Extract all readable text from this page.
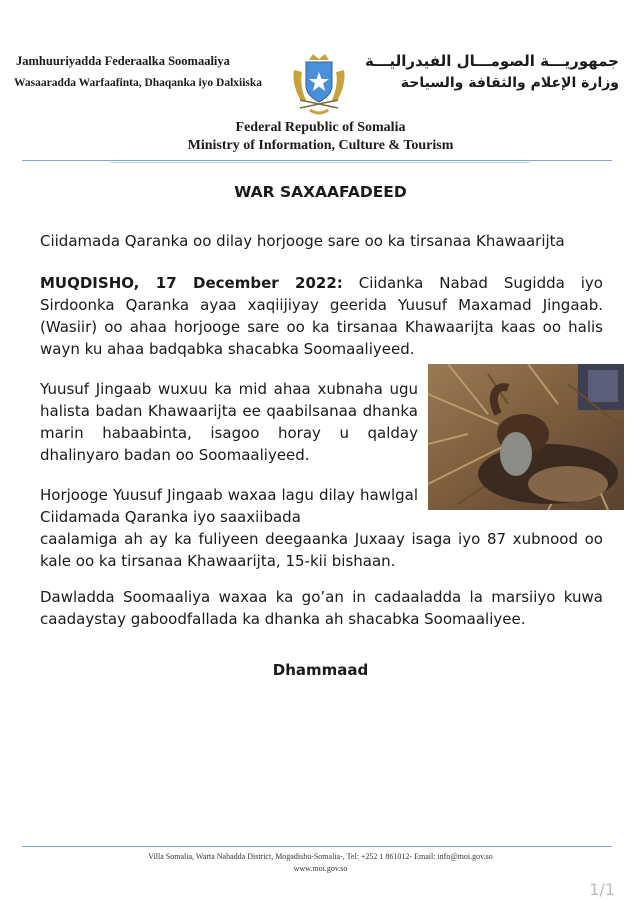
Jamhuuriyadda Federaalka Soomaaliya
Wasaaradda Warfaafinta, Dhaqanka iyo Dalxiiska
جمهوريـــة الصومـــال الفيدراليـــة
وزارة الإعلام والثقافة والسياحة
Federal Republic of Somalia
Ministry of Information, Culture & Tourism
WAR SAXAAFADEED
Ciidamada Qaranka oo dilay horjooge sare oo ka tirsanaa Khawaarijta
MUQDISHO, 17 December 2022: Ciidanka Nabad Sugidda iyo Sirdoonka Qaranka ayaa xaqiijiyay geerida Yuusuf Maxamad Jingaab. (Wasiir) oo ahaa horjooge sare oo ka tirsanaa Khawaarijta kaas oo halis wayn ku ahaa badqabka shacabka Soomaaliyeed.
Yuusuf Jingaab wuxuu ka mid ahaa xubnaha ugu halista badan Khawaarijta ee qaabilsanaa dhanka marin habaabinta, isagoo horay u qalday dhalinyaro badan oo Soomaaliyeed.
Horjooge Yuusuf Jingaab waxaa lagu dilay hawlgal Ciidamada Qaranka iyo saaxiibada
caalamiga ah ay ka fuliyeen deegaanka Juxaay isaga iyo 87 xubnood oo kale oo ka tirsanaa Khawaarijta, 15-kii bishaan.
Dawladda Soomaaliya waxaa ka go’an in cadaaladda la marsiiyo kuwa caadaystay gaboodfallada ka dhanka ah shacabka Soomaaliyee.
Dhammaad
Villa Somalia, Warta Nabadda District, Mogadishu-Somalia-, Tel: +252 1 861012- Email: info@moi.gov.so
www.moi.gov.so
1/1
